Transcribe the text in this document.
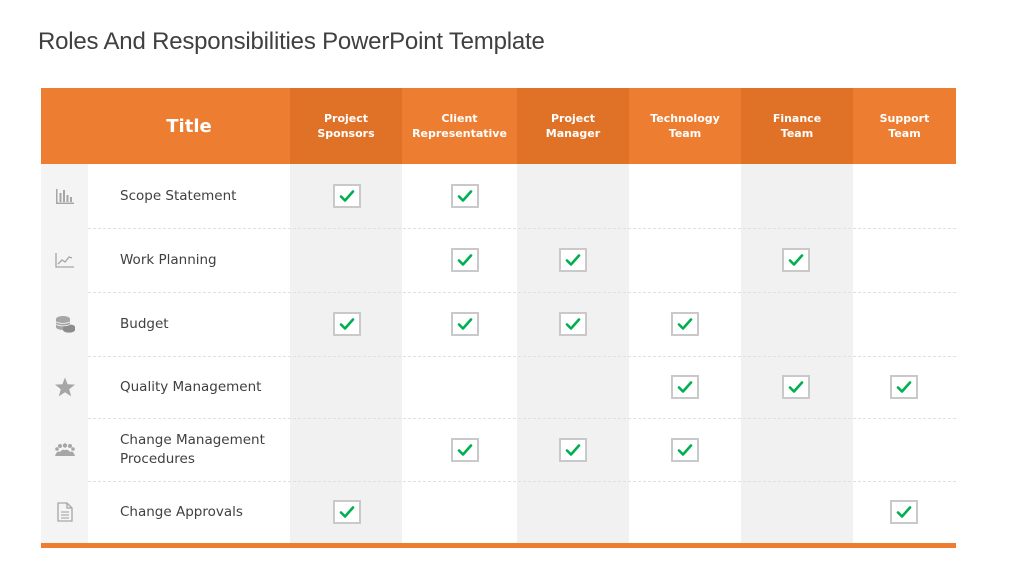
Roles And Responsibilities PowerPoint Template
Title	Project
Sponsors
Client
Representative
Project
Manager
Technology
Team
Finance
Team
Support
Team
Scope Statement
Work Planning
Budget
Quality Management
Change Management
Procedures
Change Approvals
